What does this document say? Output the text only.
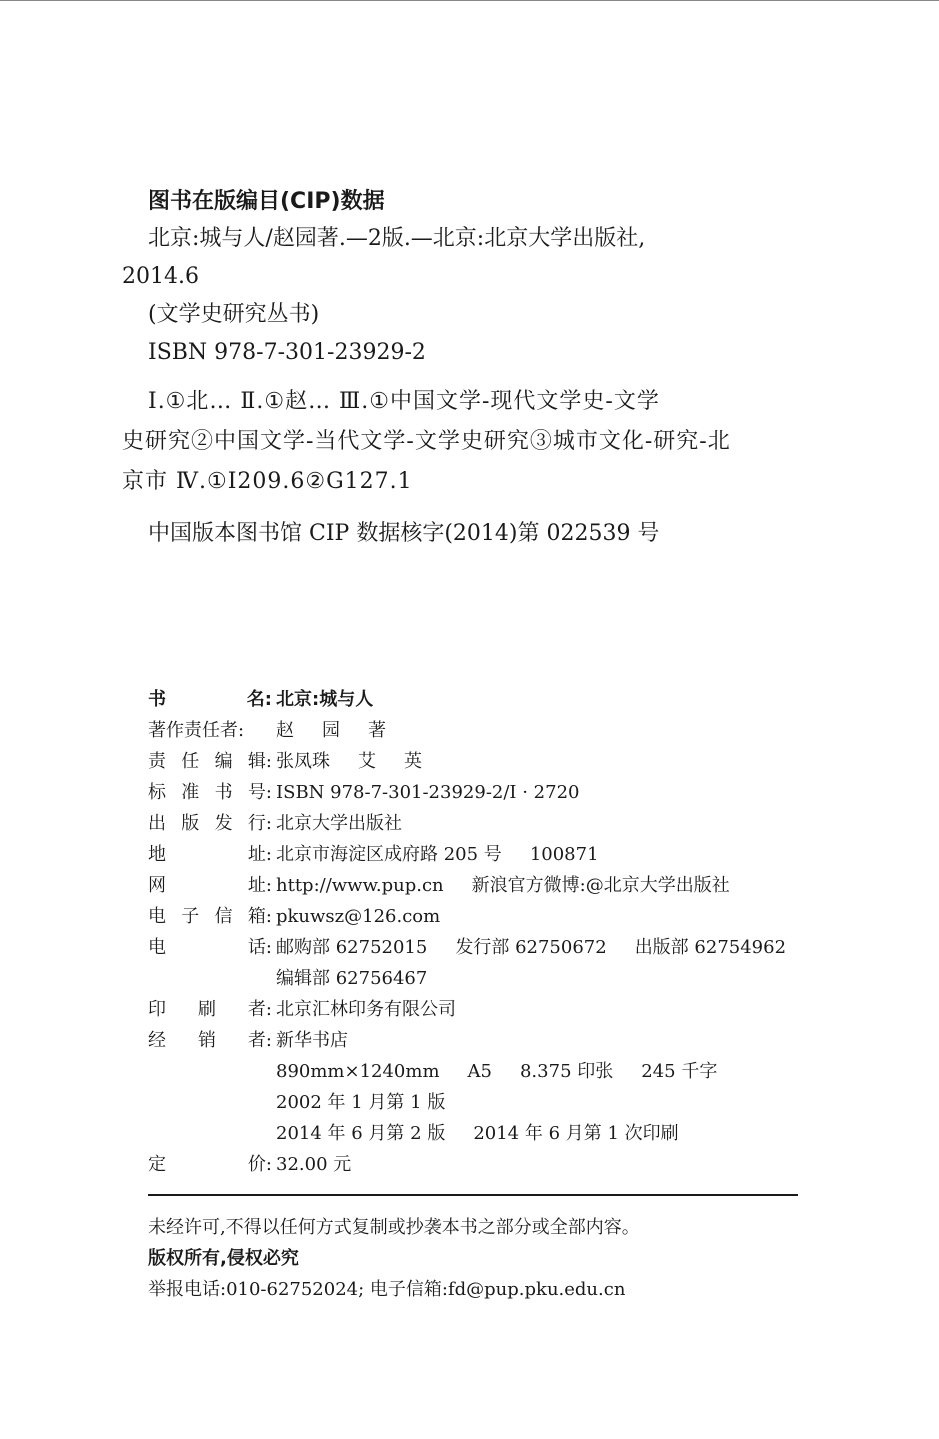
图书在版编目(CIP)数据
北京:城与人/赵园著.—2版.—北京:北京大学出版社,
2014.6
(文学史研究丛书)
ISBN 978-7-301-23929-2
Ⅰ.①北… Ⅱ.①赵… Ⅲ.①中国文学-现代文学史-文学
史研究②中国文学-当代文学-文学史研究③城市文化-研究-北
京市 Ⅳ.①I209.6②G127.1
中国版本图书馆 CIP 数据核字(2014)第 022539 号
书	名: 北京:城与人
著作责任者:	赵 园 著
责 任 编 辑: 张凤珠 艾 英
标 准 书 号: ISBN 978-7-301-23929-2/I · 2720
出 版 发 行: 北京大学出版社
地	址: 北京市海淀区成府路 205 号 100871
网	址: http://www.pup.cn 新浪官方微博:@北京大学出版社
电 子 信 箱: pkuwsz@126.com
电	话: 邮购部 62752015 发行部 62750672 出版部 62754962
编辑部 62756467
印 刷 者: 北京汇林印务有限公司
经 销 者: 新华书店
890mm×1240mm A5 8.375 印张 245 千字
2002 年 1 月第 1 版
2014 年 6 月第 2 版 2014 年 6 月第 1 次印刷
定	价: 32.00 元
未经许可,不得以任何方式复制或抄袭本书之部分或全部内容。
版权所有,侵权必究
举报电话:010-62752024; 电子信箱:fd@pup.pku.edu.cn
